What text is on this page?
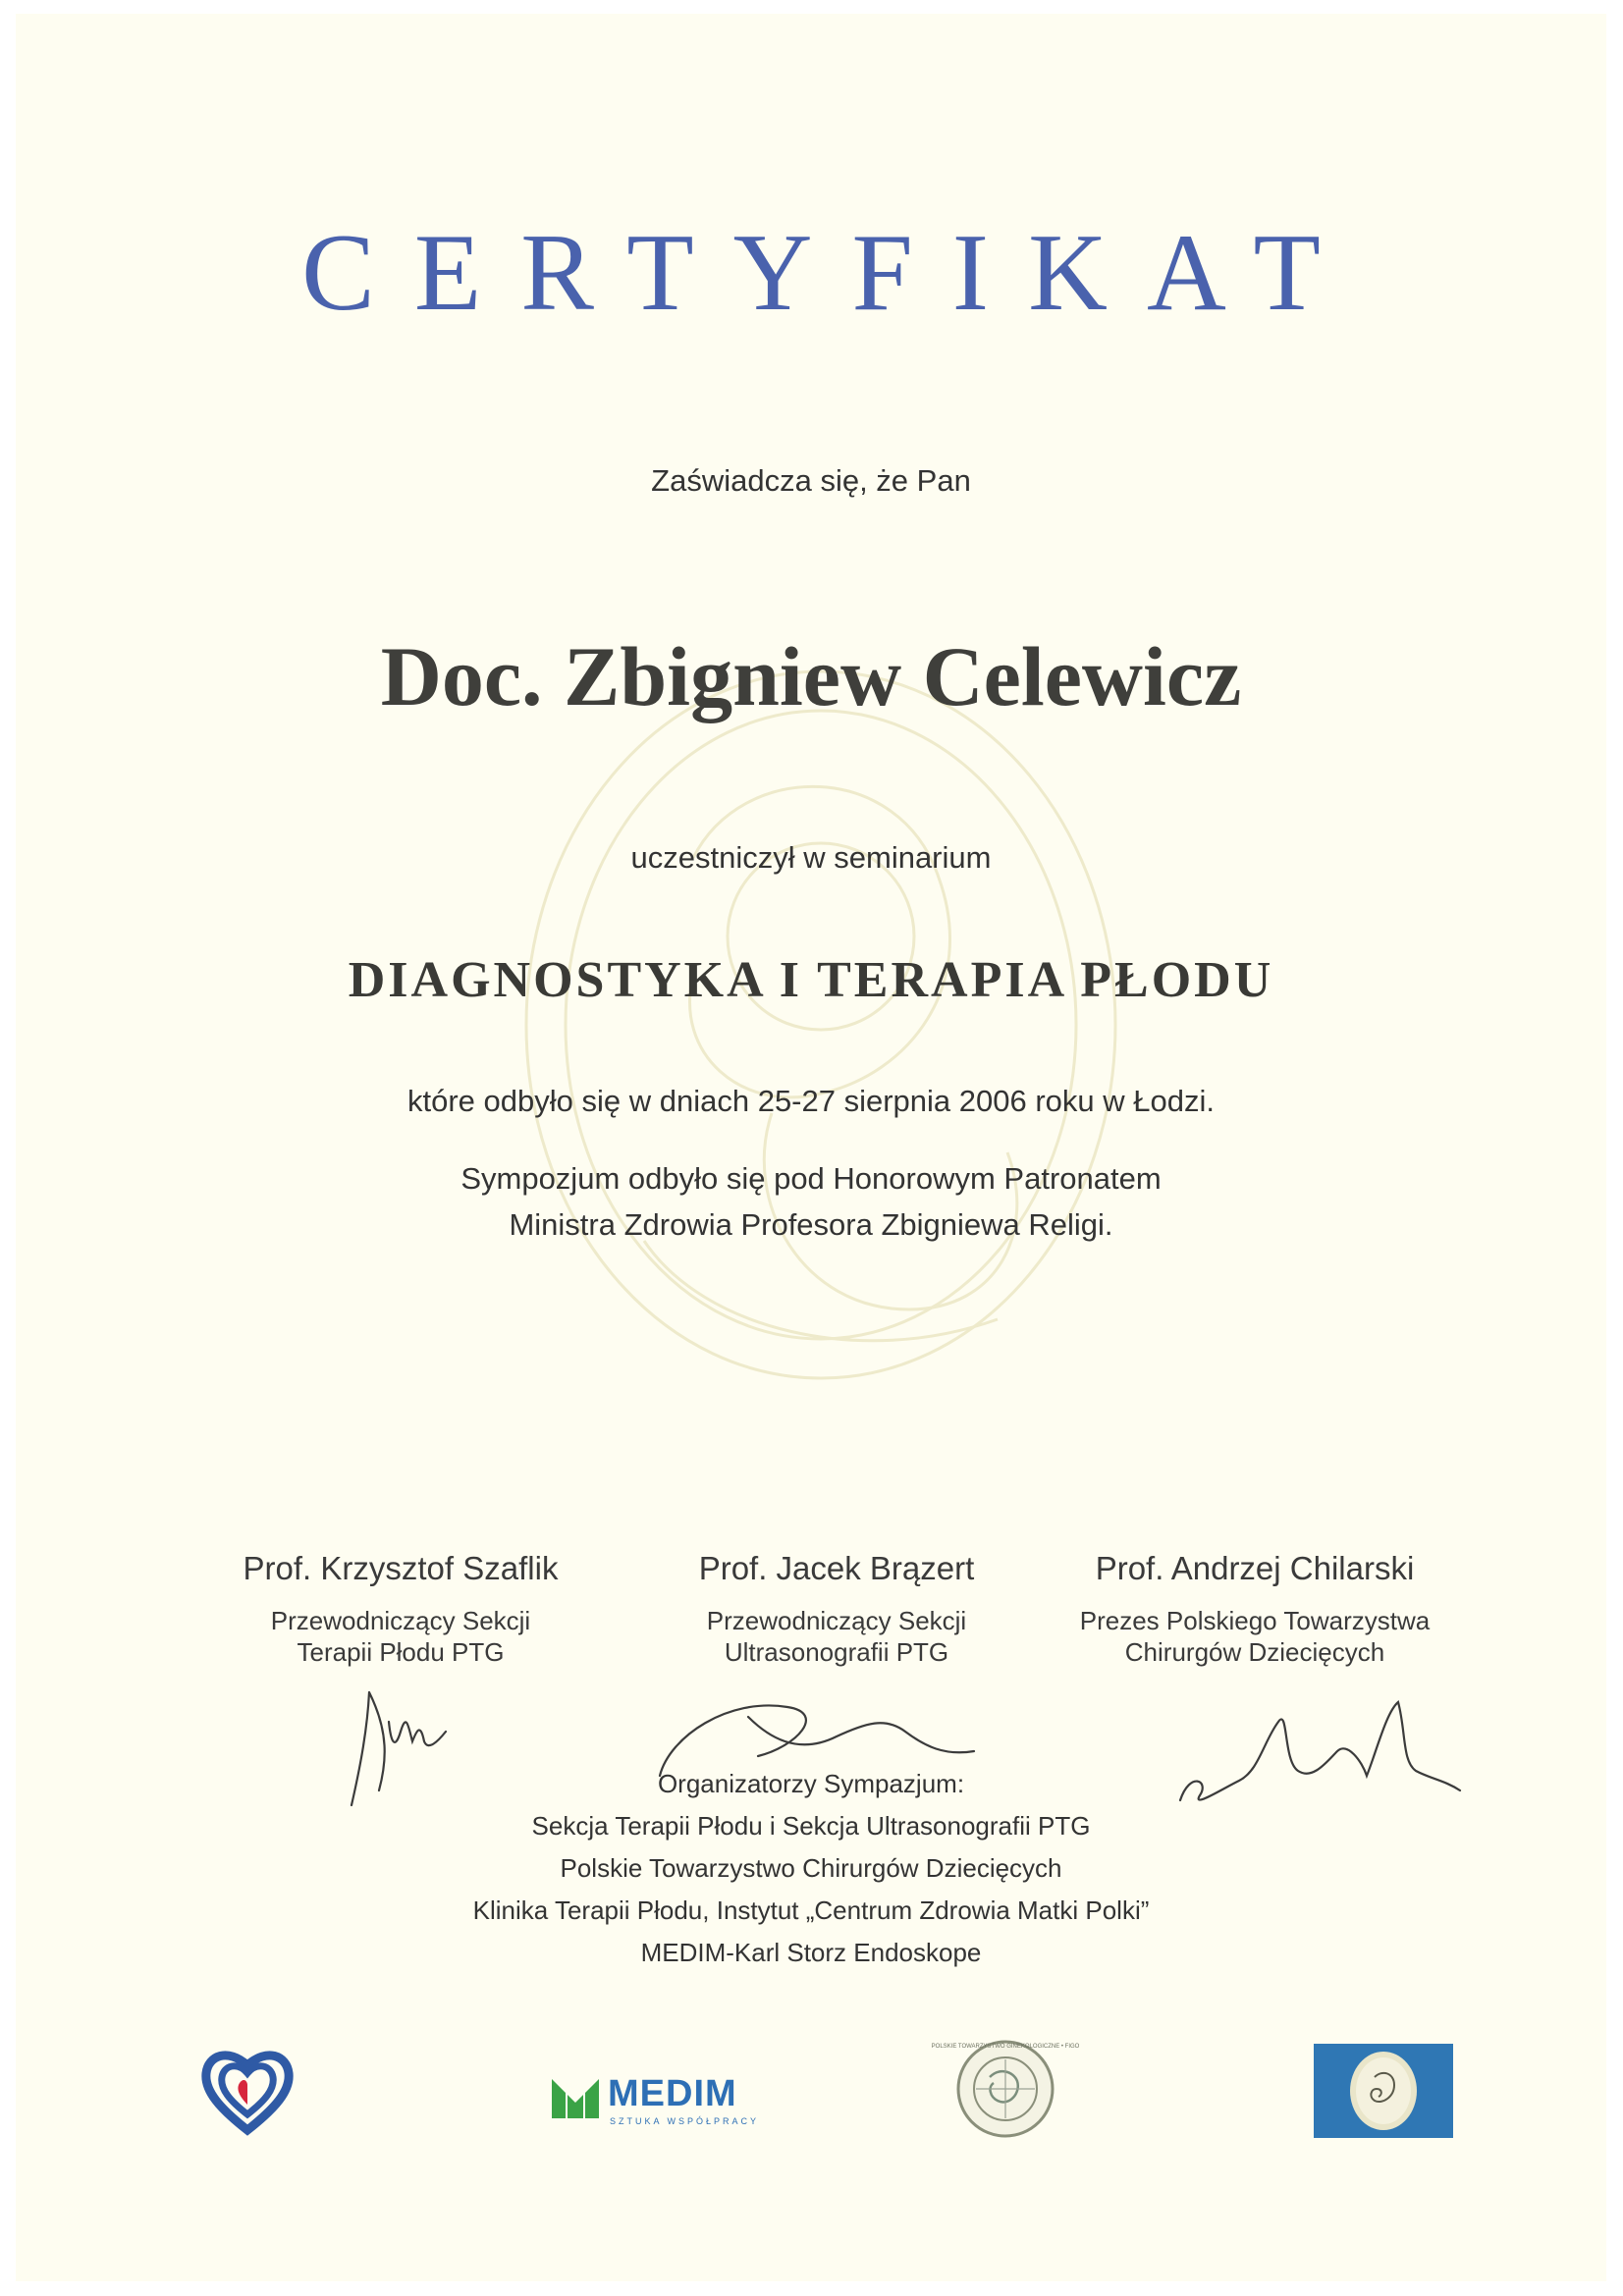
CERTYFIKAT
Zaświadcza się, że Pan
Doc. Zbigniew Celewicz
uczestniczył w seminarium
DIAGNOSTYKA I TERAPIA PŁODU
które odbyło się w dniach 25-27 sierpnia 2006 roku w Łodzi.
Sympozjum odbyło się pod Honorowym Patronatem
Ministra Zdrowia Profesora Zbigniewa Religi.
Prof. Krzysztof Szaflik
Przewodniczący Sekcji
Terapii Płodu PTG
Prof. Jacek Brązert
Przewodniczący Sekcji
Ultrasonografii PTG
Prof. Andrzej Chilarski
Prezes Polskiego Towarzystwa
Chirurgów Dziecięcych
Organizatorzy Sympazjum:
Sekcja Terapii Płodu i Sekcja Ultrasonografii PTG
Polskie Towarzystwo Chirurgów Dziecięcych
Klinika Terapii Płodu, Instytut „Centrum Zdrowia Matki Polki”
MEDIM-Karl Storz Endoskope
MEDIM
SZTUKA WSPÓŁPRACY
POLSKIE TOWARZYSTWO GINEKOLOGICZNE • FIGO
